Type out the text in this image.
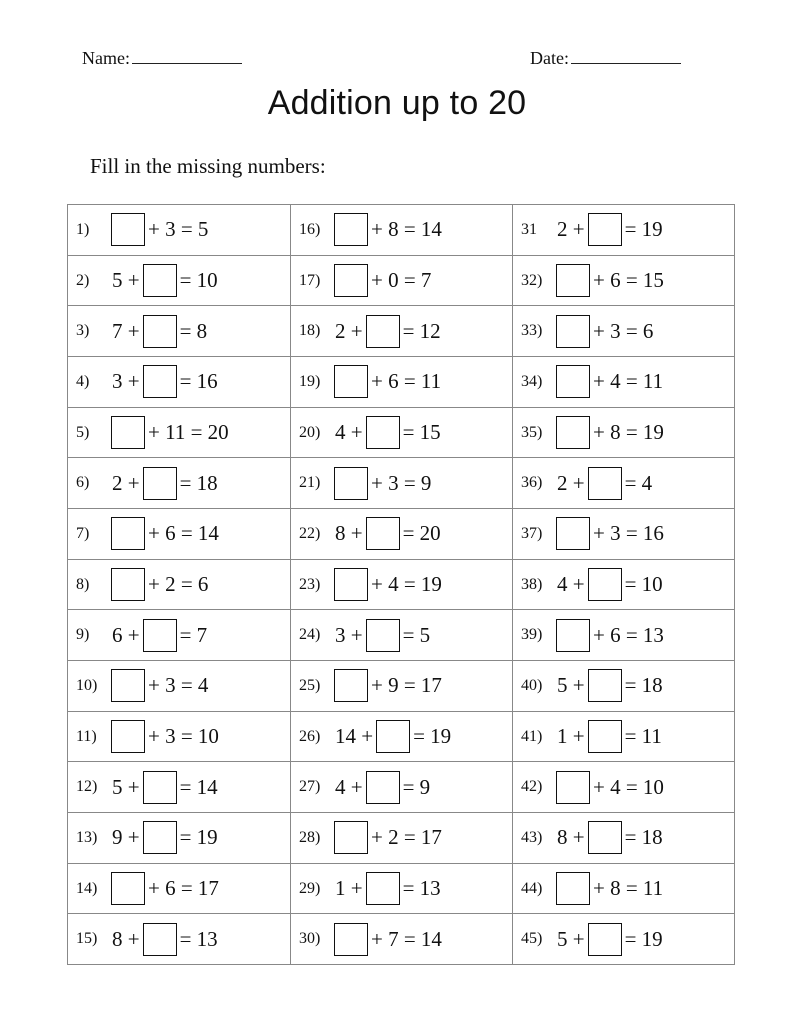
Name:	Date:
Addition up to 20
Fill in the missing numbers:
1)	+ 3 = 5
2)	5 + = 10
3)	7 + = 8
4)	3 + = 16
5)	+ 11 = 20
6)	2 + = 18
7)	+ 6 = 14
8)	+ 2 = 6
9)	6 + = 7
10)	+ 3 = 4
11)	+ 3 = 10
12) 5 + = 14
13) 9 + = 19
14)	+ 6 = 17
15) 8 + = 13
16)	+ 8 = 14
17)	+ 0 = 7
18) 2 + = 12
19)	+ 6 = 11
20) 4 + = 15
21)	+ 3 = 9
22) 8 + = 20
23)	+ 4 = 19
24) 3 + = 5
25)	+ 9 = 17
26) 14 + = 19
27) 4 + = 9
28)	+ 2 = 17
29) 1 + = 13
30)	+ 7 = 14
31 2 + = 19
32)	+ 6 = 15
33)	+ 3 = 6
34)	+ 4 = 11
35)	+ 8 = 19
36) 2 + = 4
37)	+ 3 = 16
38) 4 + = 10
39)	+ 6 = 13
40) 5 + = 18
41) 1 + = 11
42)	+ 4 = 10
43) 8 + = 18
44)	+ 8 = 11
45) 5 + = 19
